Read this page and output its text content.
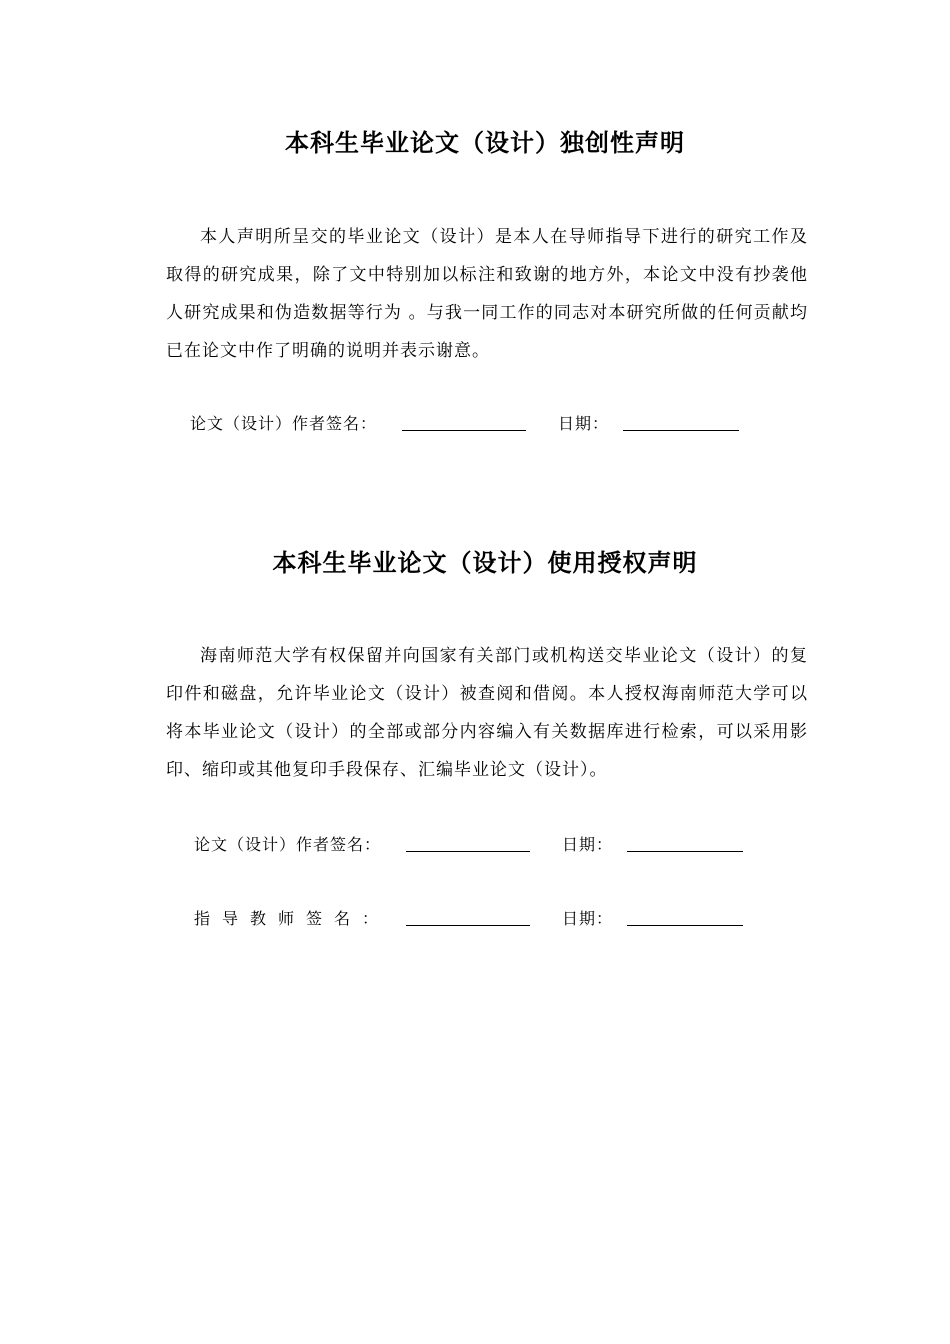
本科生毕业论文（设计）独创性声明
本人声明所呈交的毕业论文（设计）是本人在导师指导下进行的研究工作及取得的研究成果，除了文中特别加以标注和致谢的地方外，本论文中没有抄袭他人研究成果和伪造数据等行为 。与我一同工作的同志对本研究所做的任何贡献均已在论文中作了明确的说明并表示谢意。
论文（设计）作者签名：	日期：
本科生毕业论文（设计）使用授权声明
海南师范大学有权保留并向国家有关部门或机构送交毕业论文（设计）的复印件和磁盘，允许毕业论文（设计）被查阅和借阅。本人授权海南师范大学可以将本毕业论文（设计）的全部或部分内容编入有关数据库进行检索，可以采用影印、缩印或其他复印手段保存、汇编毕业论文（设计）。
论文（设计）作者签名：	日期：
指导教师签名：	日期：
